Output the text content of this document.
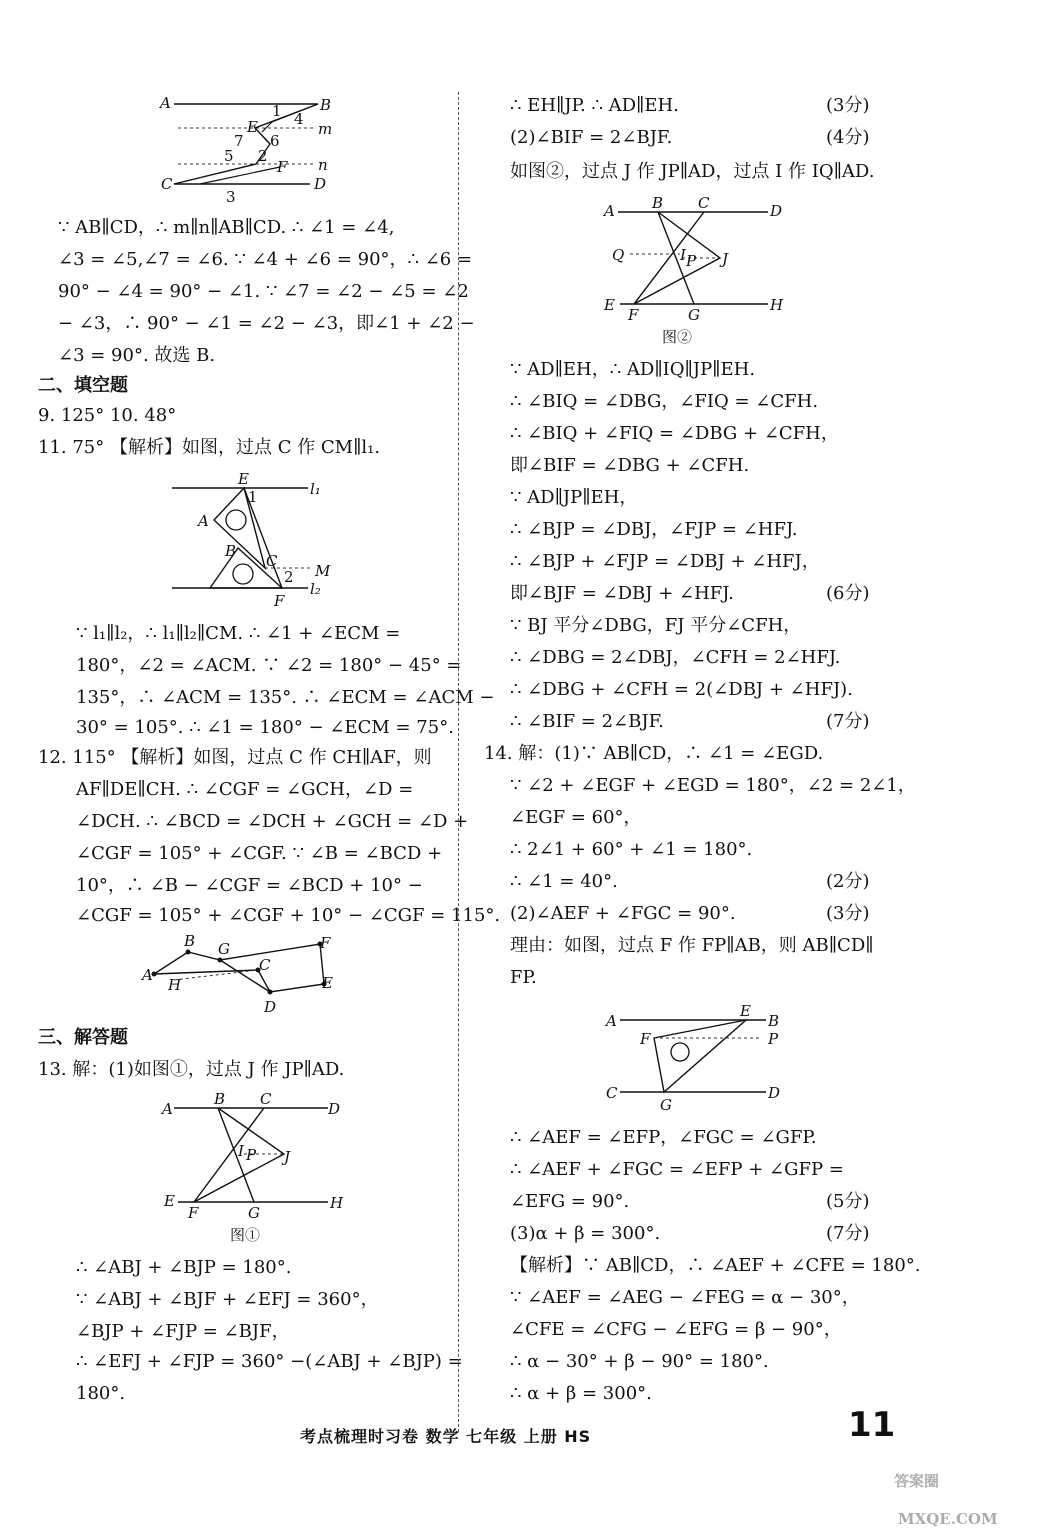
A	B
C	D
m
n
E
F
1 4
7 6
5 2
3
∵ AB∥CD，∴ m∥n∥AB∥CD. ∴ ∠1 = ∠4,
∠3 = ∠5,∠7 = ∠6. ∵ ∠4 + ∠6 = 90°，∴ ∠6 =
90° − ∠4 = 90° − ∠1. ∵ ∠7 = ∠2 − ∠5 = ∠2
− ∠3，∴ 90° − ∠1 = ∠2 − ∠3，即∠1 + ∠2 −
∠3 = 90°. 故选 B.
二、填空题
9. 125° 10. 48°
11. 75° 【解析】如图，过点 C 作 CM∥l₁.
E
A
B
C
F
M
1
2
l₁
l₂
∵ l₁∥l₂，∴ l₁∥l₂∥CM. ∴ ∠1 + ∠ECM =
180°，∠2 = ∠ACM. ∵ ∠2 = 180° − 45° =
135°，∴ ∠ACM = 135°. ∴ ∠ECM = ∠ACM −
30° = 105°. ∴ ∠1 = 180° − ∠ECM = 75°.
12. 115° 【解析】如图，过点 C 作 CH∥AF，则
AF∥DE∥CH. ∴ ∠CGF = ∠GCH，∠D =
∠DCH. ∴ ∠BCD = ∠DCH + ∠GCH = ∠D +
∠CGF = 105° + ∠CGF. ∵ ∠B = ∠BCD +
10°，∴ ∠B − ∠CGF = ∠BCD + 10° −
∠CGF = 105° + ∠CGF + 10° − ∠CGF = 115°.
A
B G
C
F
E
D
H
三、解答题
13. 解：(1)如图①，过点 J 作 JP∥AD.
A
B C
D
I P J
E
F	G
H
图①
∴ ∠ABJ + ∠BJP = 180°.
∵ ∠ABJ + ∠BJF + ∠EFJ = 360°，
∠BJP + ∠FJP = ∠BJF，
∴ ∠EFJ + ∠FJP = 360° −(∠ABJ + ∠BJP) =
180°.
∴ EH∥JP. ∴ AD∥EH.	(3分)
(2)∠BIF = 2∠BJF.	(4分)
如图②，过点 J 作 JP∥AD，过点 I 作 IQ∥AD.
A B C	D
Q	I P J
E
F	G
H
图②
∵ AD∥EH，∴ AD∥IQ∥JP∥EH.
∴ ∠BIQ = ∠DBG，∠FIQ = ∠CFH.
∴ ∠BIQ + ∠FIQ = ∠DBG + ∠CFH，
即∠BIF = ∠DBG + ∠CFH.
∵ AD∥JP∥EH，
∴ ∠BJP = ∠DBJ，∠FJP = ∠HFJ.
∴ ∠BJP + ∠FJP = ∠DBJ + ∠HFJ，
即∠BJF = ∠DBJ + ∠HFJ.	(6分)
∵ BJ 平分∠DBG，FJ 平分∠CFH，
∴ ∠DBG = 2∠DBJ，∠CFH = 2∠HFJ.
∴ ∠DBG + ∠CFH = 2(∠DBJ + ∠HFJ).
∴ ∠BIF = 2∠BJF.	(7分)
14. 解：(1)∵ AB∥CD，∴ ∠1 = ∠EGD.
∵ ∠2 + ∠EGF + ∠EGD = 180°，∠2 = 2∠1，
∠EGF = 60°，
∴ 2∠1 + 60° + ∠1 = 180°.
∴ ∠1 = 40°.	(2分)
(2)∠AEF + ∠FGC = 90°.	(3分)
理由：如图，过点 F 作 FP∥AB，则 AB∥CD∥
FP.
A
E
B
F	P
C
G
D
∴ ∠AEF = ∠EFP，∠FGC = ∠GFP.
∴ ∠AEF + ∠FGC = ∠EFP + ∠GFP =
∠EFG = 90°.	(5分)
(3)α + β = 300°.	(7分)
【解析】∵ AB∥CD，∴ ∠AEF + ∠CFE = 180°.
∵ ∠AEF = ∠AEG − ∠FEG = α − 30°，
∠CFE = ∠CFG − ∠EFG = β − 90°，
∴ α − 30° + β − 90° = 180°.
∴ α + β = 300°.
考点梳理时习卷 数学 七年级 上册 HS	11
答案圈
MXQE.COM
